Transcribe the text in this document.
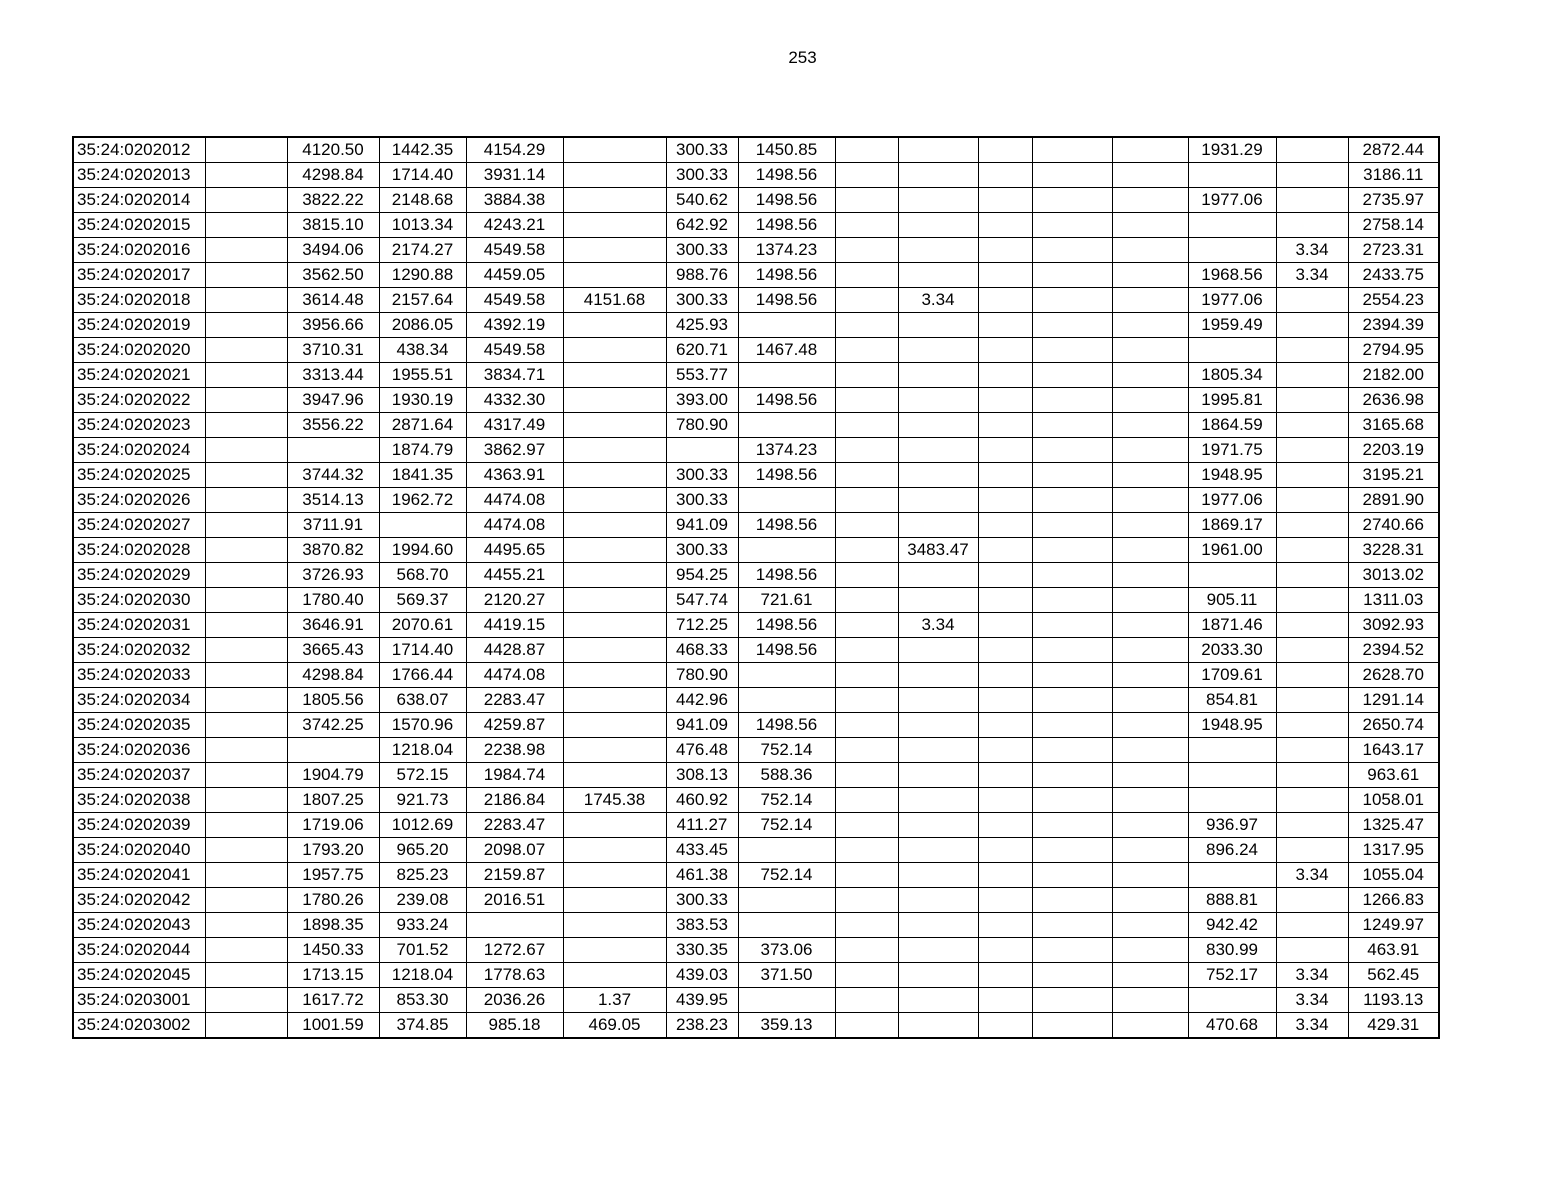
253
35:24:0202012		4120.50	1442.35	4154.29		300.33	1450.85						1931.29		2872.44
35:24:0202013		4298.84	1714.40	3931.14		300.33	1498.56								3186.11
35:24:0202014		3822.22	2148.68	3884.38		540.62	1498.56						1977.06		2735.97
35:24:0202015		3815.10	1013.34	4243.21		642.92	1498.56								2758.14
35:24:0202016		3494.06	2174.27	4549.58		300.33	1374.23							3.34	2723.31
35:24:0202017		3562.50	1290.88	4459.05		988.76	1498.56						1968.56	3.34	2433.75
35:24:0202018		3614.48	2157.64	4549.58	4151.68	300.33	1498.56		3.34				1977.06		2554.23
35:24:0202019		3956.66	2086.05	4392.19		425.93							1959.49		2394.39
35:24:0202020		3710.31	438.34	4549.58		620.71	1467.48								2794.95
35:24:0202021		3313.44	1955.51	3834.71		553.77							1805.34		2182.00
35:24:0202022		3947.96	1930.19	4332.30		393.00	1498.56						1995.81		2636.98
35:24:0202023		3556.22	2871.64	4317.49		780.90							1864.59		3165.68
35:24:0202024			1874.79	3862.97			1374.23						1971.75		2203.19
35:24:0202025		3744.32	1841.35	4363.91		300.33	1498.56						1948.95		3195.21
35:24:0202026		3514.13	1962.72	4474.08		300.33							1977.06		2891.90
35:24:0202027		3711.91		4474.08		941.09	1498.56						1869.17		2740.66
35:24:0202028		3870.82	1994.60	4495.65		300.33			3483.47				1961.00		3228.31
35:24:0202029		3726.93	568.70	4455.21		954.25	1498.56								3013.02
35:24:0202030		1780.40	569.37	2120.27		547.74	721.61						905.11		1311.03
35:24:0202031		3646.91	2070.61	4419.15		712.25	1498.56		3.34				1871.46		3092.93
35:24:0202032		3665.43	1714.40	4428.87		468.33	1498.56						2033.30		2394.52
35:24:0202033		4298.84	1766.44	4474.08		780.90							1709.61		2628.70
35:24:0202034		1805.56	638.07	2283.47		442.96							854.81		1291.14
35:24:0202035		3742.25	1570.96	4259.87		941.09	1498.56						1948.95		2650.74
35:24:0202036			1218.04	2238.98		476.48	752.14								1643.17
35:24:0202037		1904.79	572.15	1984.74		308.13	588.36								963.61
35:24:0202038		1807.25	921.73	2186.84	1745.38	460.92	752.14								1058.01
35:24:0202039		1719.06	1012.69	2283.47		411.27	752.14						936.97		1325.47
35:24:0202040		1793.20	965.20	2098.07		433.45							896.24		1317.95
35:24:0202041		1957.75	825.23	2159.87		461.38	752.14							3.34	1055.04
35:24:0202042		1780.26	239.08	2016.51		300.33							888.81		1266.83
35:24:0202043		1898.35	933.24			383.53							942.42		1249.97
35:24:0202044		1450.33	701.52	1272.67		330.35	373.06						830.99		463.91
35:24:0202045		1713.15	1218.04	1778.63		439.03	371.50						752.17	3.34	562.45
35:24:0203001		1617.72	853.30	2036.26	1.37	439.95								3.34	1193.13
35:24:0203002		1001.59	374.85	985.18	469.05	238.23	359.13						470.68	3.34	429.31
